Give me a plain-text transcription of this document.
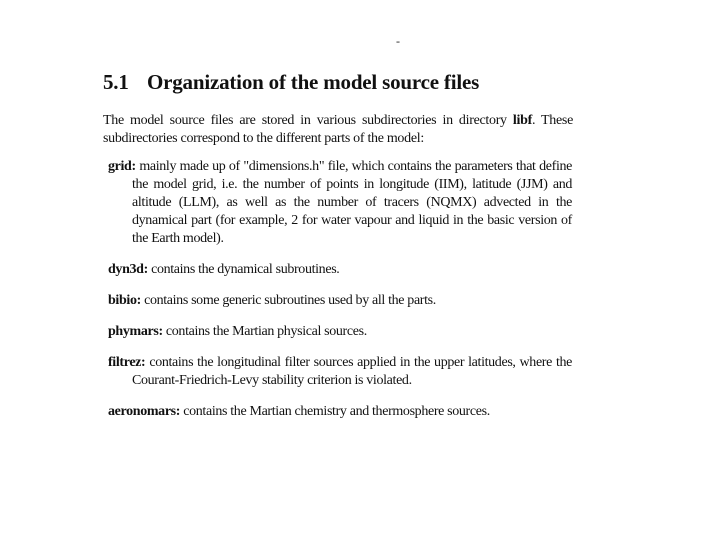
-
5.1 Organization of the model source files

The model source files are stored in various subdirectories in directory libf. These subdirectories correspond to the different parts of the model:

grid: mainly made up of "dimensions.h" file, which contains the parameters that define the model grid, i.e. the number of points in longitude (IIM), latitude (JJM) and altitude (LLM), as well as the number of tracers (NQMX) advected in the dynamical part (for example, 2 for water vapour and liquid in the basic version of the Earth model).

dyn3d: contains the dynamical subroutines.

bibio: contains some generic subroutines used by all the parts.

phymars: contains the Martian physical sources.

filtrez: contains the longitudinal filter sources applied in the upper latitudes, where the Courant-Friedrich-Levy stability criterion is violated.

aeronomars: contains the Martian chemistry and thermosphere sources.
